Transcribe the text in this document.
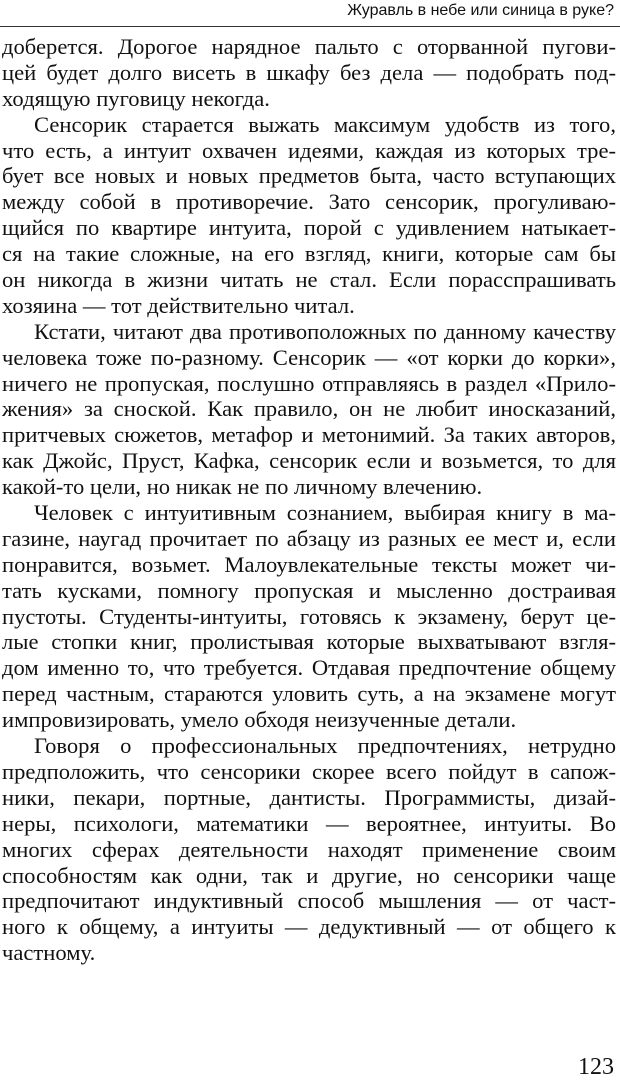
Журавль в небе или синица в руке?
доберется. Дорогое нарядное пальто с оторванной пугови-
цей будет долго висеть в шкафу без дела — подобрать под-
ходящую пуговицу некогда.
Сенсорик старается выжать максимум удобств из того,
что есть, а интуит охвачен идеями, каждая из которых тре-
бует все новых и новых предметов быта, часто вступающих
между собой в противоречие. Зато сенсорик, прогуливаю-
щийся по квартире интуита, порой с удивлением натыкает-
ся на такие сложные, на его взгляд, книги, которые сам бы
он никогда в жизни читать не стал. Если порасспрашивать
хозяина — тот действительно читал.
Кстати, читают два противоположных по данному качеству
человека тоже по-разному. Сенсорик — «от корки до корки»,
ничего не пропуская, послушно отправляясь в раздел «Прило-
жения» за сноской. Как правило, он не любит иносказаний,
притчевых сюжетов, метафор и метонимий. За таких авторов,
как Джойс, Пруст, Кафка, сенсорик если и возьмется, то для
какой-то цели, но никак не по личному влечению.
Человек с интуитивным сознанием, выбирая книгу в ма-
газине, наугад прочитает по абзацу из разных ее мест и, если
понравится, возьмет. Малоувлекательные тексты может чи-
тать кусками, помногу пропуская и мысленно достраивая
пустоты. Студенты-интуиты, готовясь к экзамену, берут це-
лые стопки книг, пролистывая которые выхватывают взгля-
дом именно то, что требуется. Отдавая предпочтение общему
перед частным, стараются уловить суть, а на экзамене могут
импровизировать, умело обходя неизученные детали.
Говоря о профессиональных предпочтениях, нетрудно
предположить, что сенсорики скорее всего пойдут в сапож-
ники, пекари, портные, дантисты. Программисты, дизай-
неры, психологи, математики — вероятнее, интуиты. Во
многих сферах деятельности находят применение своим
способностям как одни, так и другие, но сенсорики чаще
предпочитают индуктивный способ мышления — от част-
ного к общему, а интуиты — дедуктивный — от общего к
частному.
123
